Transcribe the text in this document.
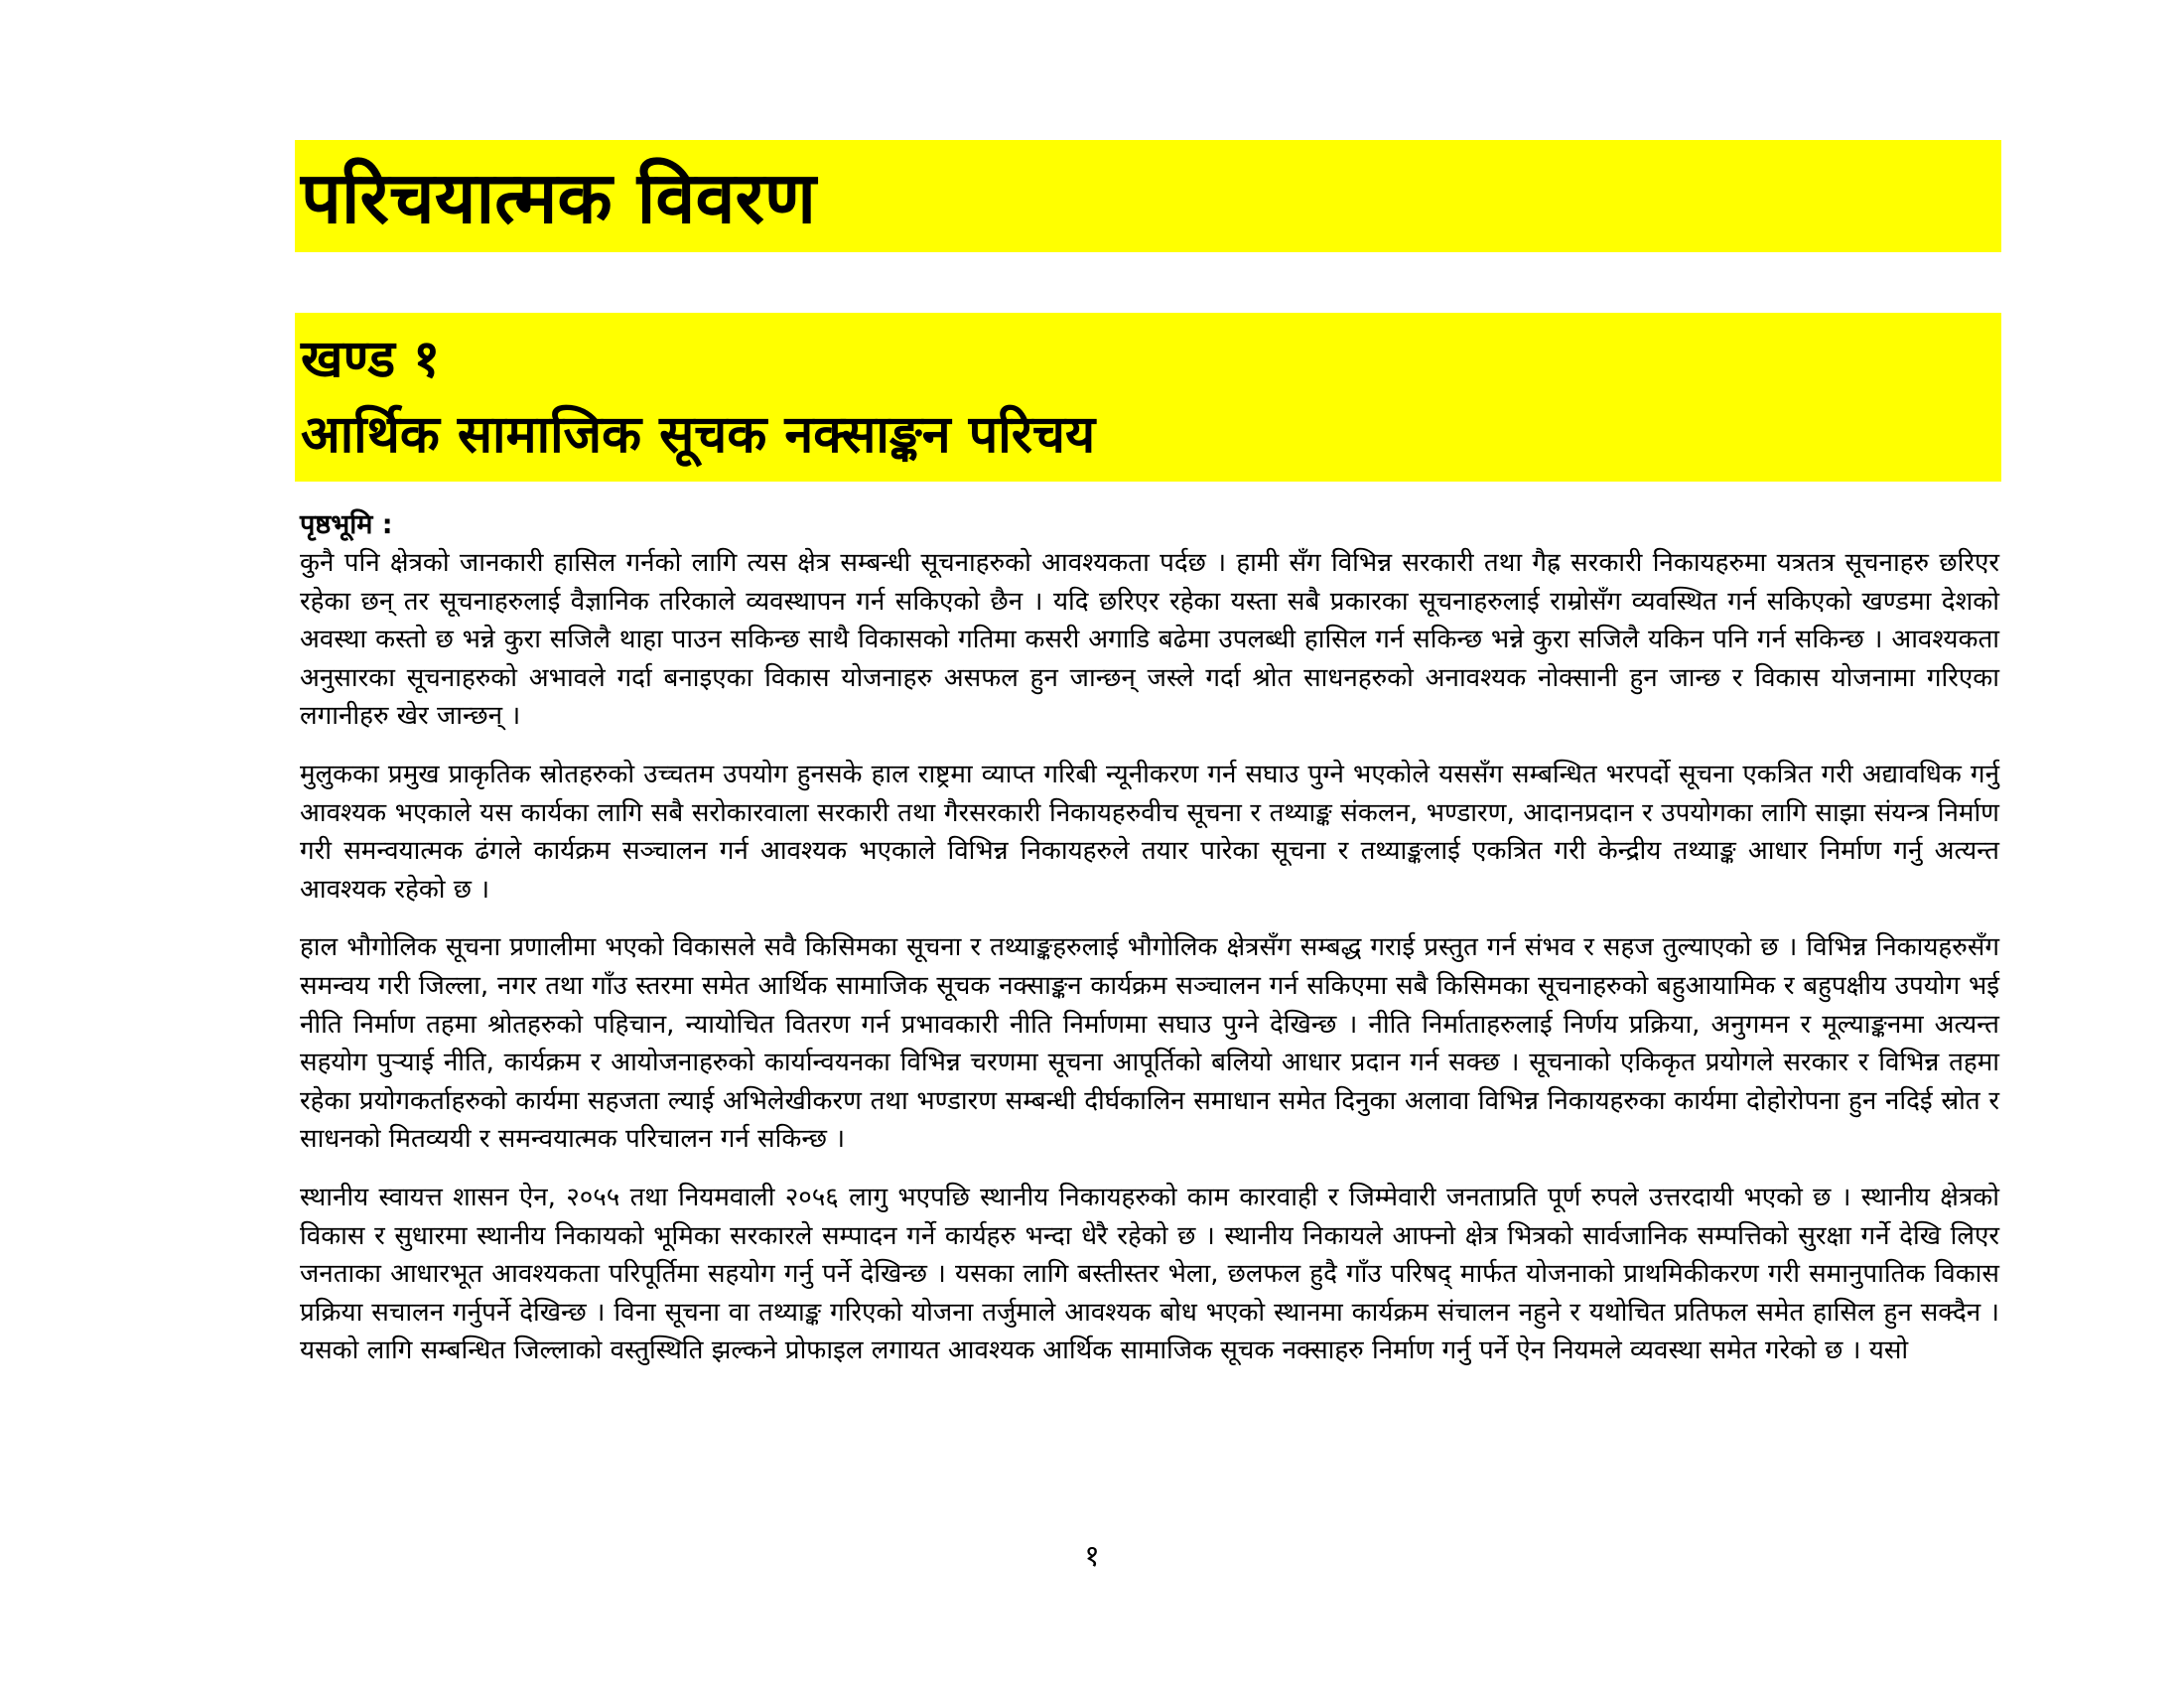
परिचयात्मक विवरण
खण्ड १
आर्थिक सामाजिक सूचक नक्साङ्कन परिचय

पृष्ठभूमि :

कुनै पनि क्षेत्रको जानकारी हासिल गर्नको लागि त्यस क्षेत्र सम्बन्धी सूचनाहरुको आवश्यकता पर्दछ । हामी सँग विभिन्न सरकारी तथा गैह्र सरकारी निकायहरुमा यत्रतत्र सूचनाहरु छरिएर रहेका छन् तर सूचनाहरुलाई वैज्ञानिक तरिकाले व्यवस्थापन गर्न सकिएको छैन । यदि छरिएर रहेका यस्ता सबै प्रकारका सूचनाहरुलाई राम्रोसँग व्यवस्थित गर्न सकिएको खण्डमा देशको अवस्था कस्तो छ भन्ने कुरा सजिलै थाहा पाउन सकिन्छ साथै विकासको गतिमा कसरी अगाडि बढेमा उपलब्धी हासिल गर्न सकिन्छ भन्ने कुरा सजिलै यकिन पनि गर्न सकिन्छ । आवश्यकता अनुसारका सूचनाहरुको अभावले गर्दा बनाइएका विकास योजनाहरु असफल हुन जान्छन् जस्ले गर्दा श्रोत साधनहरुको अनावश्यक नोक्सानी हुन जान्छ र विकास योजनामा गरिएका लगानीहरु खेर जान्छन् ।

मुलुकका प्रमुख प्राकृतिक स्रोतहरुको उच्चतम उपयोग हुनसके हाल राष्ट्रमा व्याप्त गरिबी न्यूनीकरण गर्न सघाउ पुग्ने भएकोले यससँग सम्बन्धित भरपर्दो सूचना एकत्रित गरी अद्यावधिक गर्नु आवश्यक भएकाले यस कार्यका लागि सबै सरोकारवाला सरकारी तथा गैरसरकारी निकायहरुवीच सूचना र तथ्याङ्क संकलन, भण्डारण, आदानप्रदान र उपयोगका लागि साझा संयन्त्र निर्माण गरी समन्वयात्मक ढंगले कार्यक्रम सञ्चालन गर्न आवश्यक भएकाले विभिन्न निकायहरुले तयार पारेका सूचना र तथ्याङ्कलाई एकत्रित गरी केन्द्रीय तथ्याङ्क आधार निर्माण गर्नु अत्यन्त आवश्यक रहेको छ ।

हाल भौगोलिक सूचना प्रणालीमा भएको विकासले सवै किसिमका सूचना र तथ्याङ्कहरुलाई भौगोलिक क्षेत्रसँग सम्बद्ध गराई प्रस्तुत गर्न संभव र सहज तुल्याएको छ । विभिन्न निकायहरुसँग समन्वय गरी जिल्ला, नगर तथा गाँउ स्तरमा समेत आर्थिक सामाजिक सूचक नक्साङ्कन कार्यक्रम सञ्चालन गर्न सकिएमा सबै किसिमका सूचनाहरुको बहुआयामिक र बहुपक्षीय उपयोग भई नीति निर्माण तहमा श्रोतहरुको पहिचान, न्यायोचित वितरण गर्न प्रभावकारी नीति निर्माणमा सघाउ पुग्ने देखिन्छ । नीति निर्माताहरुलाई निर्णय प्रक्रिया, अनुगमन र मूल्याङ्कनमा अत्यन्त सहयोग पुऱ्याई नीति, कार्यक्रम र आयोजनाहरुको कार्यान्वयनका विभिन्न चरणमा सूचना आपूर्तिको बलियो आधार प्रदान गर्न सक्छ । सूचनाको एकिकृत प्रयोगले सरकार र विभिन्न तहमा रहेका प्रयोगकर्ताहरुको कार्यमा सहजता ल्याई अभिलेखीकरण तथा भण्डारण सम्बन्धी दीर्घकालिन समाधान समेत दिनुका अलावा विभिन्न निकायहरुका कार्यमा दोहोरोपना हुन नदिई स्रोत र साधनको मितव्ययी र समन्वयात्मक परिचालन गर्न सकिन्छ ।

स्थानीय स्वायत्त शासन ऐन, २०५५ तथा नियमवाली २०५६ लागु भएपछि स्थानीय निकायहरुको काम कारवाही र जिम्मेवारी जनताप्रति पूर्ण रुपले उत्तरदायी भएको छ । स्थानीय क्षेत्रको विकास र सुधारमा स्थानीय निकायको भूमिका सरकारले सम्पादन गर्ने कार्यहरु भन्दा धेरै रहेको छ । स्थानीय निकायले आफ्नो क्षेत्र भित्रको सार्वजानिक सम्पत्तिको सुरक्षा गर्ने देखि लिएर जनताका आधारभूत आवश्यकता परिपूर्तिमा सहयोग गर्नु पर्ने देखिन्छ । यसका लागि बस्तीस्तर भेला, छलफल हुदै गाँउ परिषद् मार्फत योजनाको प्राथमिकीकरण गरी समानुपातिक विकास प्रक्रिया सचालन गर्नुपर्ने देखिन्छ । विना सूचना वा तथ्याङ्क गरिएको योजना तर्जुमाले आवश्यक बोध भएको स्थानमा कार्यक्रम संचालन नहुने र यथोचित प्रतिफल समेत हासिल हुन सक्दैन । यसको लागि सम्बन्धित जिल्लाको वस्तुस्थिति झल्कने प्रोफाइल लगायत आवश्यक आर्थिक सामाजिक सूचक नक्साहरु निर्माण गर्नु पर्ने ऐन नियमले व्यवस्था समेत गरेको छ । यसो

१
